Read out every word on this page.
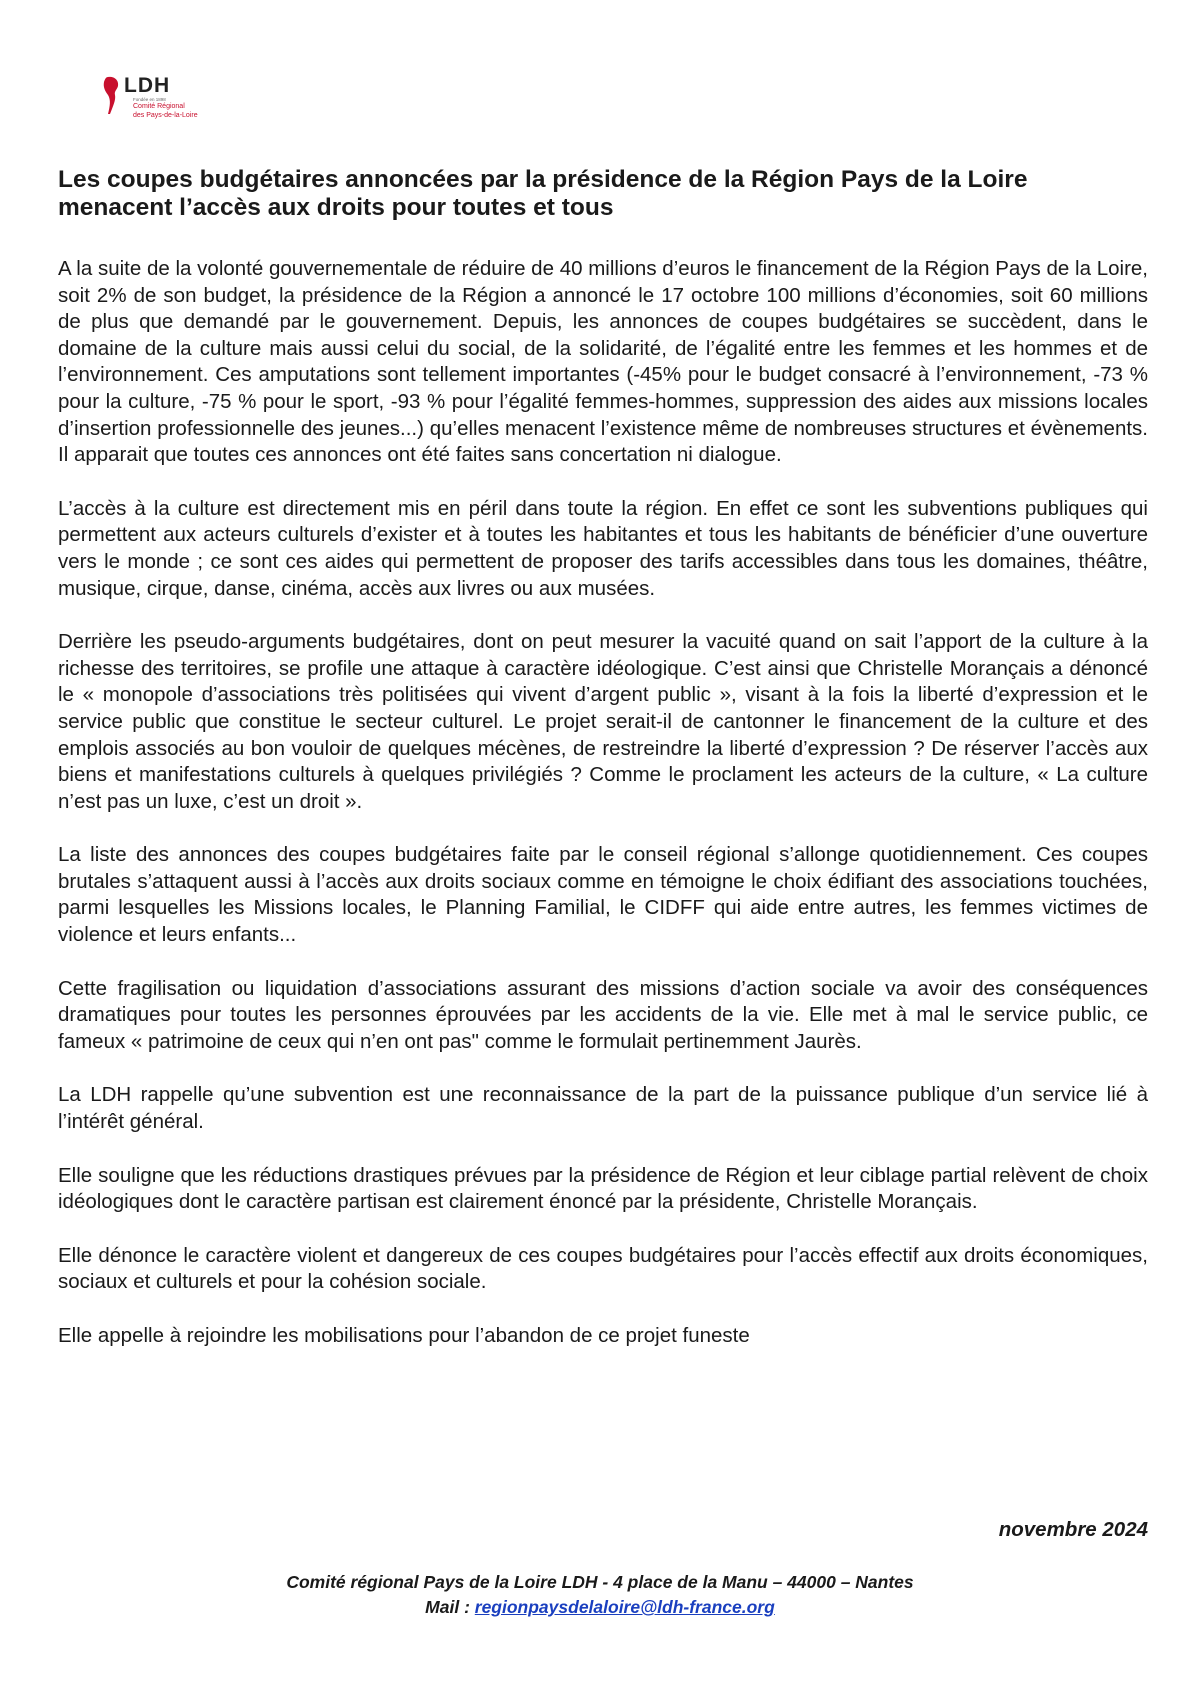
LDH
Fondée en 1898
Comité Régional
des Pays-de-la-Loire
Les coupes budgétaires annoncées par la présidence de la Région Pays de la Loire
menacent l’accès aux droits pour toutes et tous

A la suite de la volonté gouvernementale de réduire de 40 millions d’euros le financement de la Région Pays de la Loire, soit 2% de son budget, la présidence de la Région a annoncé le 17 octobre 100 millions d’économies, soit 60 millions de plus que demandé par le gouvernement. Depuis, les annonces de coupes budgétaires se succèdent, dans le domaine de la culture mais aussi celui du social, de la solidarité, de l’égalité entre les femmes et les hommes et de l’environnement. Ces amputations sont tellement importantes (-45% pour le budget consacré à l’environnement, -73 % pour la culture, -75 % pour le sport, -93 % pour l’égalité femmes-hommes, suppression des aides aux missions locales d’insertion professionnelle des jeunes...) qu’elles menacent l’existence même de nombreuses structures et évènements. Il apparait que toutes ces annonces ont été faites sans concertation ni dialogue.

L’accès à la culture est directement mis en péril dans toute la région. En effet ce sont les subventions publiques qui permettent aux acteurs culturels d’exister et à toutes les habitantes et tous les habitants de bénéficier d’une ouverture vers le monde ; ce sont ces aides qui permettent de proposer des tarifs accessibles dans tous les domaines, théâtre, musique, cirque, danse, cinéma, accès aux livres ou aux musées.

Derrière les pseudo-arguments budgétaires, dont on peut mesurer la vacuité quand on sait l’apport de la culture à la richesse des territoires, se profile une attaque à caractère idéologique. C’est ainsi que Christelle Morançais a dénoncé le « monopole d’associations très politisées qui vivent d’argent public », visant à la fois la liberté d’expression et le service public que constitue le secteur culturel. Le projet serait-il de cantonner le financement de la culture et des emplois associés au bon vouloir de quelques mécènes, de restreindre la liberté d’expression ? De réserver l’accès aux biens et manifestations culturels à quelques privilégiés ? Comme le proclament les acteurs de la culture, « La culture n’est pas un luxe, c’est un droit ».

La liste des annonces des coupes budgétaires faite par le conseil régional s’allonge quotidiennement. Ces coupes brutales s’attaquent aussi à l’accès aux droits sociaux comme en témoigne le choix édifiant des associations touchées, parmi lesquelles les Missions locales, le Planning Familial, le CIDFF qui aide entre autres, les femmes victimes de violence et leurs enfants...

Cette fragilisation ou liquidation d’associations assurant des missions d’action sociale va avoir des conséquences dramatiques pour toutes les personnes éprouvées par les accidents de la vie. Elle met à mal le service public, ce fameux « patrimoine de ceux qui n’en ont pas" comme le formulait pertinemment Jaurès.

La LDH rappelle qu’une subvention est une reconnaissance de la part de la puissance publique d’un service lié à l’intérêt général.

Elle souligne que les réductions drastiques prévues par la présidence de Région et leur ciblage partial relèvent de choix idéologiques dont le caractère partisan est clairement énoncé par la présidente, Christelle Morançais.

Elle dénonce le caractère violent et dangereux de ces coupes budgétaires pour l’accès effectif aux droits économiques, sociaux et culturels et pour la cohésion sociale.

Elle appelle à rejoindre les mobilisations pour l’abandon de ce projet funeste

novembre 2024

Comité régional Pays de la Loire LDH - 4 place de la Manu – 44000 – Nantes
Mail : regionpaysdelaloire@ldh-france.org
